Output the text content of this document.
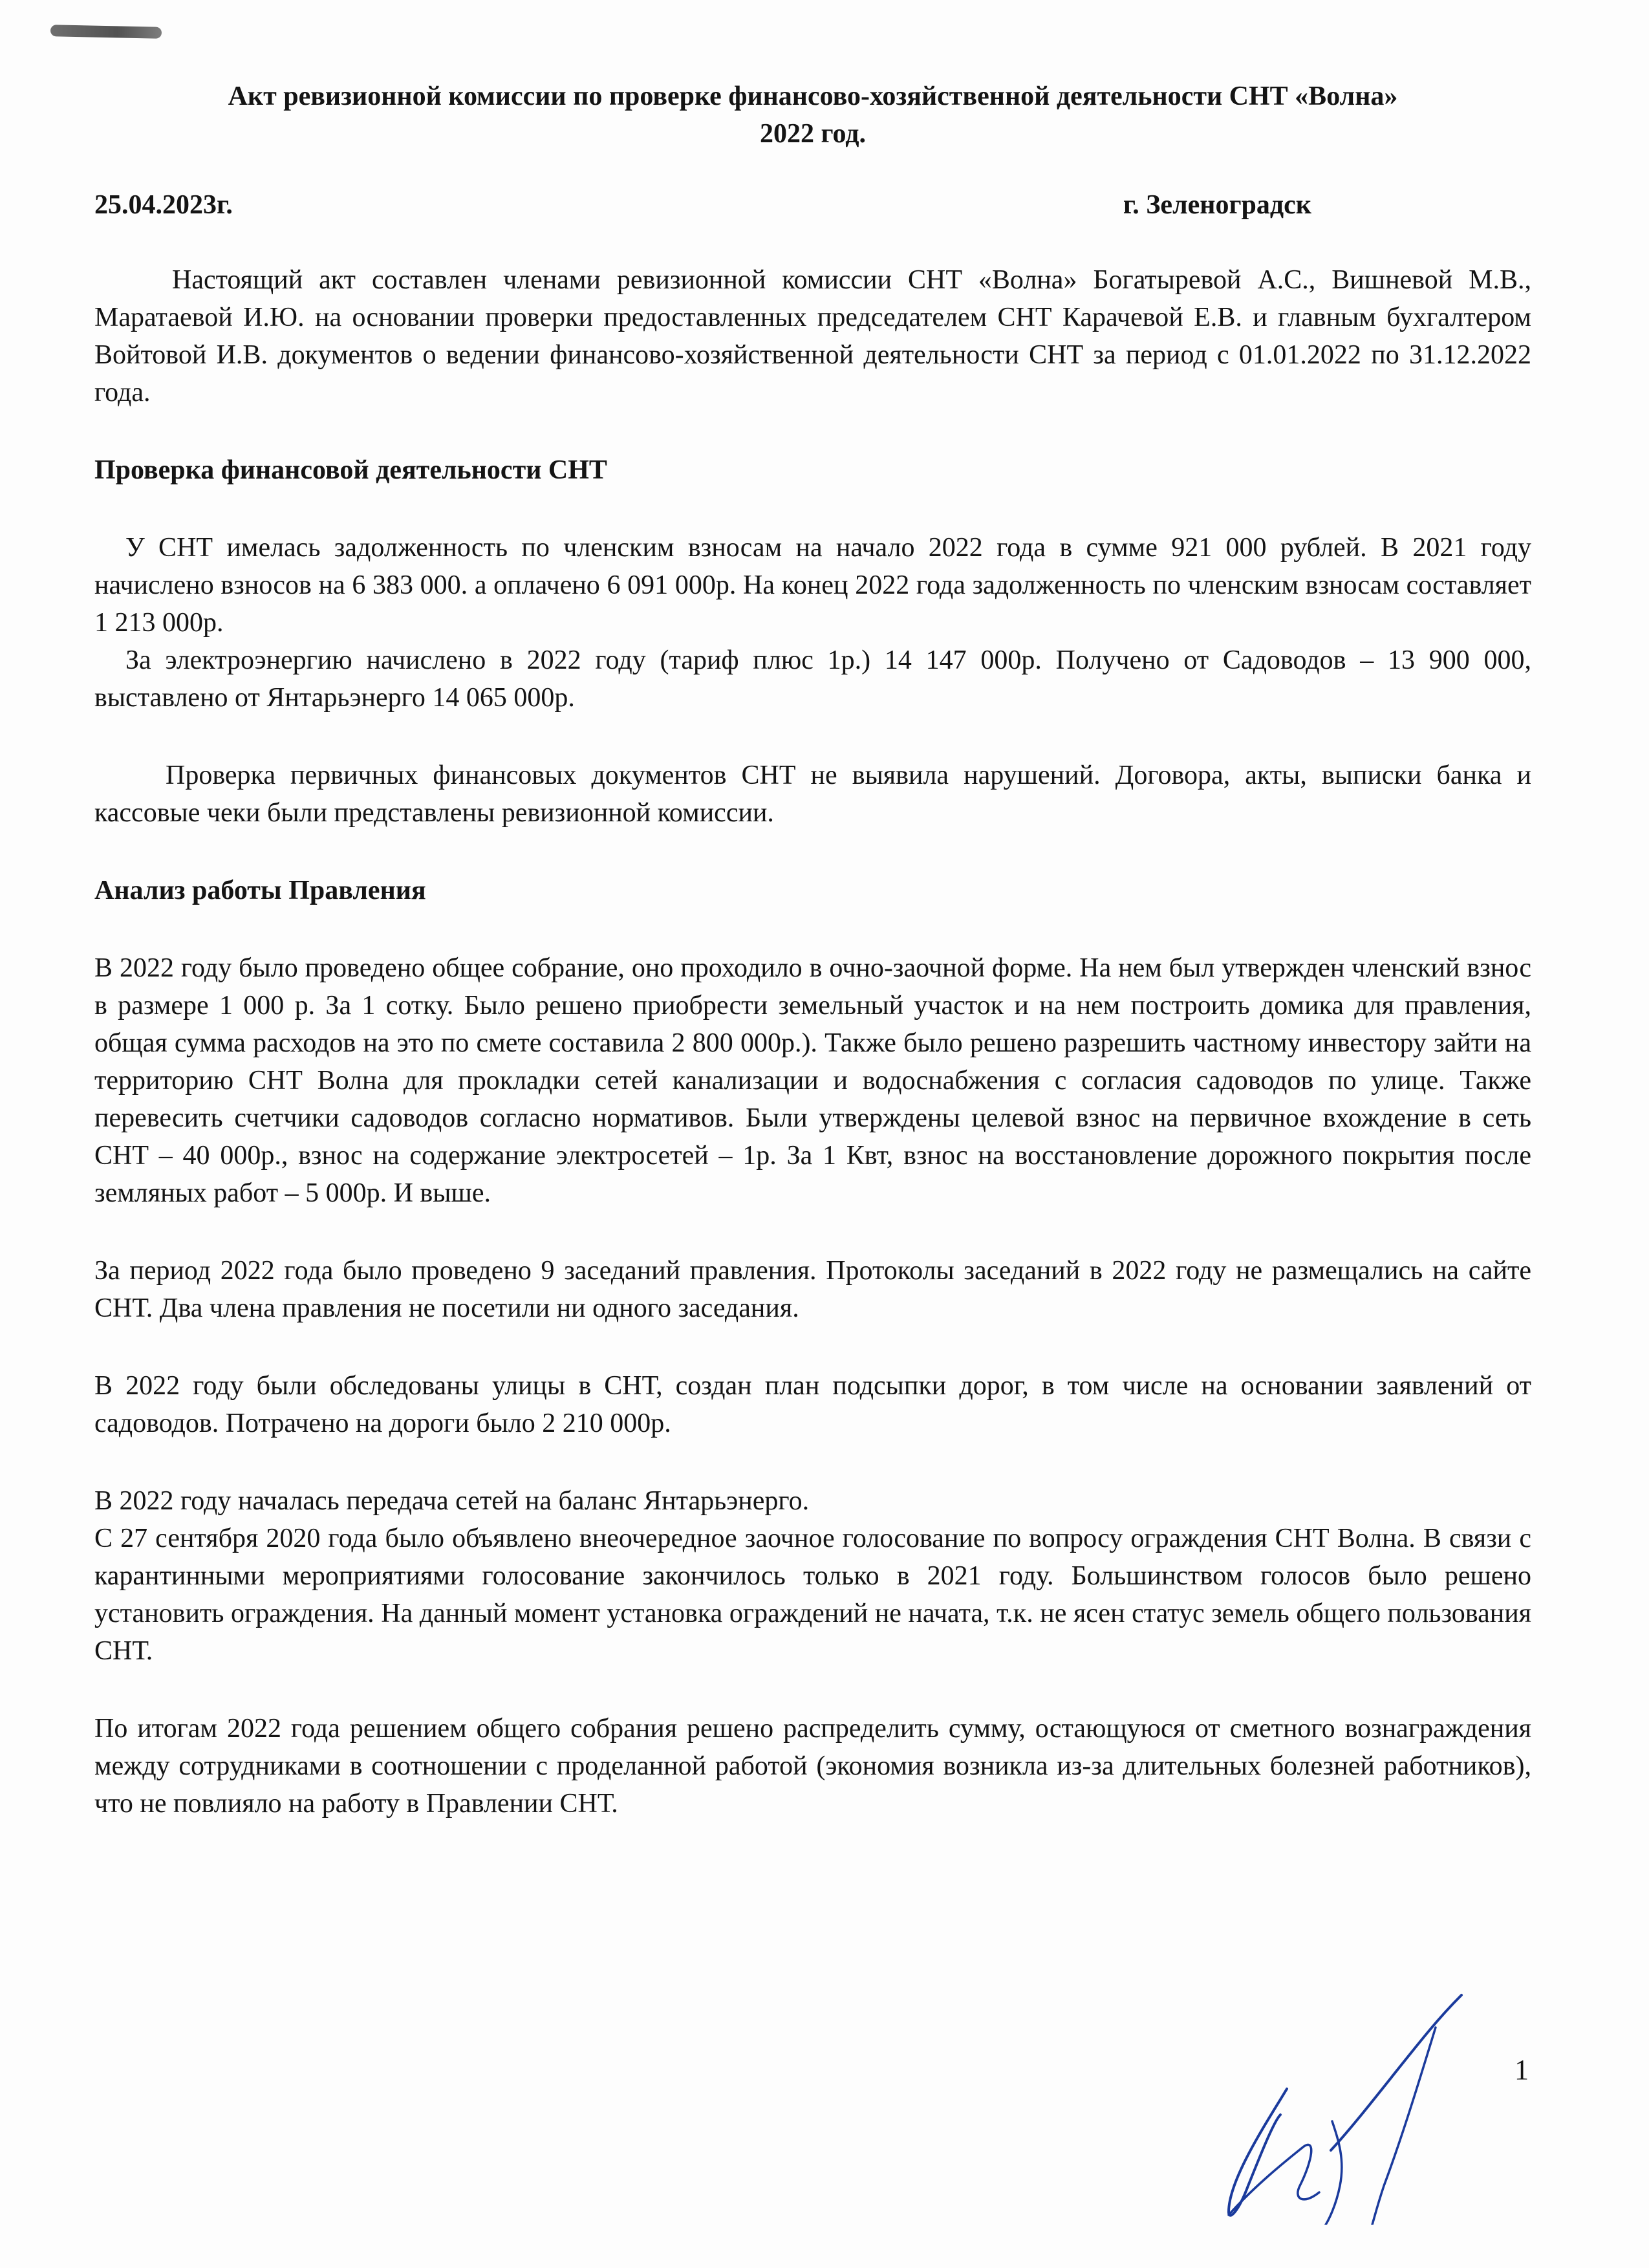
Акт ревизионной комиссии по проверке финансово-хозяйственной деятельности СНТ «Волна»
2022 год.

25.04.2023г.	г. Зеленоградск

Настоящий акт составлен членами ревизионной комиссии СНТ «Волна» Богатыревой А.С., Вишневой М.В., Маратаевой И.Ю. на основании проверки предоставленных председателем СНТ Карачевой Е.В. и главным бухгалтером Войтовой И.В. документов о ведении финансово-хозяйственной деятельности СНТ за период с 01.01.2022 по 31.12.2022 года.

Проверка финансовой деятельности СНТ

У СНТ имелась задолженность по членским взносам на начало 2022 года в сумме 921 000 рублей. В 2021 году начислено взносов на 6 383 000. а оплачено 6 091 000р. На конец 2022 года задолженность по членским взносам составляет 1 213 000р.

За электроэнергию начислено в 2022 году (тариф плюс 1р.) 14 147 000р. Получено от Садоводов – 13 900 000, выставлено от Янтарьэнерго 14 065 000р.

Проверка первичных финансовых документов СНТ не выявила нарушений. Договора, акты, выписки банка и кассовые чеки были представлены ревизионной комиссии.

Анализ работы Правления

В 2022 году было проведено общее собрание, оно проходило в очно-заочной форме. На нем был утвержден членский взнос в размере 1 000 р. За 1 сотку. Было решено приобрести земельный участок и на нем построить домика для правления, общая сумма расходов на это по смете составила 2 800 000р.). Также было решено разрешить частному инвестору зайти на территорию СНТ Волна для прокладки сетей канализации и водоснабжения с согласия садоводов по улице. Также перевесить счетчики садоводов согласно нормативов. Были утверждены целевой взнос на первичное вхождение в сеть СНТ – 40 000р., взнос на содержание электросетей – 1р. За 1 Квт, взнос на восстановление дорожного покрытия после земляных работ – 5 000р. И выше.

За период 2022 года было проведено 9 заседаний правления. Протоколы заседаний в 2022 году не размещались на сайте СНТ. Два члена правления не посетили ни одного заседания.

В 2022 году были обследованы улицы в СНТ, создан план подсыпки дорог, в том числе на основании заявлений от садоводов. Потрачено на дороги было 2 210 000р.

В 2022 году началась передача сетей на баланс Янтарьэнерго.

С 27 сентября 2020 года было объявлено внеочередное заочное голосование по вопросу ограждения СНТ Волна. В связи с карантинными мероприятиями голосование закончилось только в 2021 году. Большинством голосов было решено установить ограждения. На данный момент установка ограждений не начата, т.к. не ясен статус земель общего пользования СНТ.

По итогам 2022 года решением общего собрания решено распределить сумму, остающуюся от сметного вознаграждения между сотрудниками в соотношении с проделанной работой (экономия возникла из-за длительных болезней работников), что не повлияло на работу в Правлении СНТ.

1
